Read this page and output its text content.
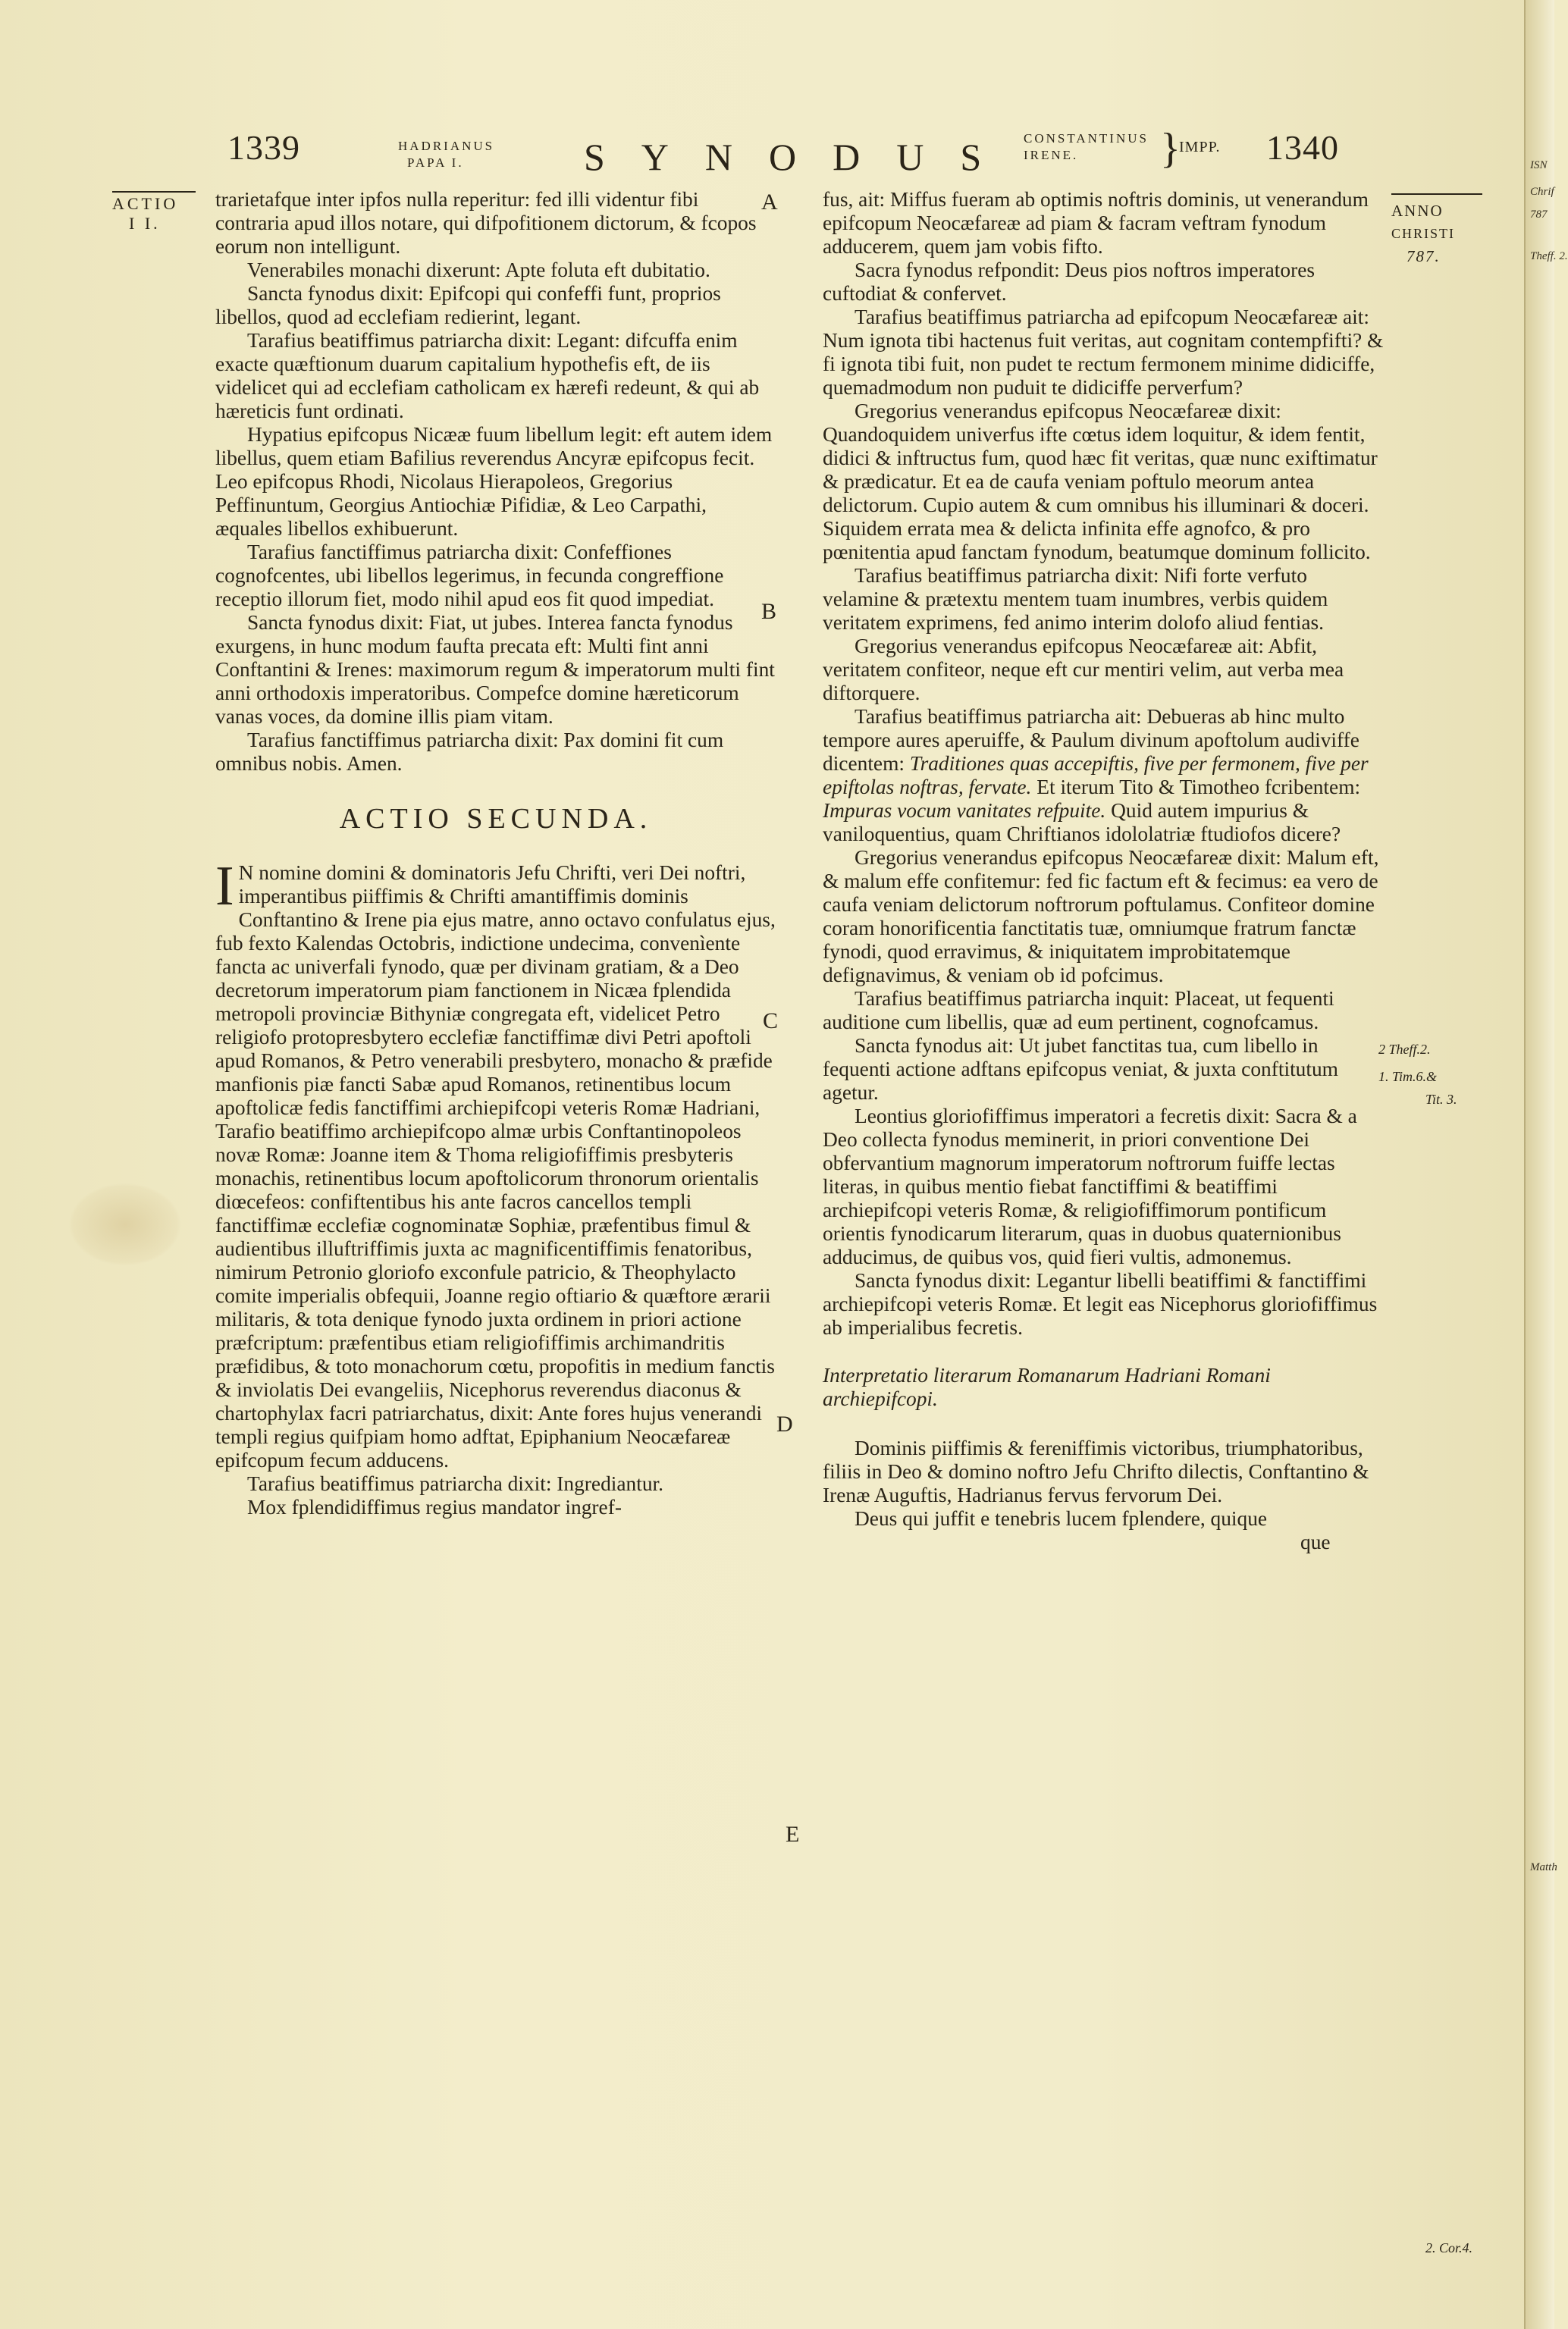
ISN
Chrif
787
Theff. 2.
Matth
1339	HADRIANUS
PAPA I.	SYNODUS CONSTANTINUS
IRENE.	}
IMPP. 1340
ACTIO
I I.
A
B
C
D
E
ANNO
CHRISTI
787.
2 Theff.2.
1. Tim.6.&
Tit. 3.
2. Cor.4.

trarietafque inter ipfos nulla reperitur: fed illi videntur fibi contraria apud illos notare, qui difpofitionem dictorum, & fcopos eorum non intelligunt.

Venerabiles monachi dixerunt: Apte foluta eft dubitatio.

Sancta fynodus dixit: Epifcopi qui confeffi funt, proprios libellos, quod ad ecclefiam redierint, legant.

Tarafius beatiffimus patriarcha dixit: Legant: difcuffa enim exacte quæftionum duarum capitalium hypothefis eft, de iis videlicet qui ad ecclefiam catholicam ex hærefi redeunt, & qui ab hæreticis funt ordinati.

Hypatius epifcopus Nicææ fuum libellum legit: eft autem idem libellus, quem etiam Bafilius reverendus Ancyræ epifcopus fecit. Leo epifcopus Rhodi, Nicolaus Hierapoleos, Gregorius Peffinuntum, Georgius Antiochiæ Pifidiæ, & Leo Carpathi, æquales libellos exhibuerunt.

Tarafius fanctiffimus patriarcha dixit: Confeffiones cognofcentes, ubi libellos legerimus, in fecunda congreffione receptio illorum fiet, modo nihil apud eos fit quod impediat.

Sancta fynodus dixit: Fiat, ut jubes. Interea fancta fynodus exurgens, in hunc modum faufta precata eft: Multi fint anni Conftantini & Irenes: maximorum regum & imperatorum multi fint anni orthodoxis imperatoribus. Compefce domine hæreticorum vanas voces, da domine illis piam vitam.

Tarafius fanctiffimus patriarcha dixit: Pax domini fit cum omnibus nobis. Amen.

ACTIO SECUNDA.

I N nomine domini & dominatoris Jefu Chrifti, veri Dei noftri, imperantibus piiffimis & Chrifti amantiffimis dominis Conftantino & Irene pia ejus matre, anno octavo confulatus ejus, fub fexto Kalendas Octobris, indictione undecima, convenìente fancta ac univerfali fynodo, quæ per divinam gratiam, & a Deo decretorum imperatorum piam fanctionem in Nicæa fplendida metropoli provinciæ Bithyniæ congregata eft, videlicet Petro religiofo protopresbytero ecclefiæ fanctiffimæ divi Petri apoftoli apud Romanos, & Petro venerabili presbytero, monacho & præfide manfionis piæ fancti Sabæ apud Romanos, retinentibus locum apoftolicæ fedis fanctiffimi archiepifcopi veteris Romæ Hadriani, Tarafio beatiffimo archiepifcopo almæ urbis Conftantinopoleos novæ Romæ: Joanne item & Thoma religiofiffimis presbyteris monachis, retinentibus locum apoftolicorum thronorum orientalis diœcefeos: confiftentibus his ante facros cancellos templi fanctiffimæ ecclefiæ cognominatæ Sophiæ, præfentibus fimul & audientibus illuftriffimis juxta ac magnificentiffimis fenatoribus, nimirum Petronio gloriofo exconfule patricio, & Theophylacto comite imperialis obfequii, Joanne regio oftiario & quæftore ærarii militaris, & tota denique fynodo juxta ordinem in priori actione præfcriptum: præfentibus etiam religiofiffimis archimandritis præfidibus, & toto monachorum cœtu, propofitis in medium fanctis & inviolatis Dei evangeliis, Nicephorus reverendus diaconus & chartophylax facri patriarchatus, dixit: Ante fores hujus venerandi templi regius quifpiam homo adftat, Epiphanium Neocæfareæ epifcopum fecum adducens.

Tarafius beatiffimus patriarcha dixit: Ingrediantur.

Mox fplendidiffimus regius mandator ingref-

fus, ait: Miffus fueram ab optimis noftris dominis, ut venerandum epifcopum Neocæfareæ ad piam & facram veftram fynodum adducerem, quem jam vobis fifto.

Sacra fynodus refpondit: Deus pios noftros imperatores cuftodiat & confervet.

Tarafius beatiffimus patriarcha ad epifcopum Neocæfareæ ait: Num ignota tibi hactenus fuit veritas, aut cognitam contempfifti? & fi ignota tibi fuit, non pudet te rectum fermonem minime didiciffe, quemadmodum non puduit te didiciffe perverfum?

Gregorius venerandus epifcopus Neocæfareæ dixit: Quandoquidem univerfus ifte cœtus idem loquitur, & idem fentit, didici & inftructus fum, quod hæc fit veritas, quæ nunc exiftimatur & prædicatur. Et ea de caufa veniam poftulo meorum antea delictorum. Cupio autem & cum omnibus his illuminari & doceri. Siquidem errata mea & delicta infinita effe agnofco, & pro pœnitentia apud fanctam fynodum, beatumque dominum follicito.

Tarafius beatiffimus patriarcha dixit: Nifi forte verfuto velamine & prætextu mentem tuam inumbres, verbis quidem veritatem exprimens, fed animo interim dolofo aliud fentias.

Gregorius venerandus epifcopus Neocæfareæ ait: Abfit, veritatem confiteor, neque eft cur mentiri velim, aut verba mea diftorquere.

Tarafius beatiffimus patriarcha ait: Debueras ab hinc multo tempore aures aperuiffe, & Paulum divinum apoftolum audiviffe dicentem: Traditiones quas accepiftis, five per fermonem, five per epiftolas noftras, fervate. Et iterum Tito & Timotheo fcribentem: Impuras vocum vanitates refpuite. Quid autem impurius & vaniloquentius, quam Chriftianos idololatriæ ftudiofos dicere?

Gregorius venerandus epifcopus Neocæfareæ dixit: Malum eft, & malum effe confitemur: fed fic factum eft & fecimus: ea vero de caufa veniam delictorum noftrorum poftulamus. Confiteor domine coram honorificentia fanctitatis tuæ, omniumque fratrum fanctæ fynodi, quod erravimus, & iniquitatem improbitatemque defignavimus, & veniam ob id pofcimus.

Tarafius beatiffimus patriarcha inquit: Placeat, ut fequenti auditione cum libellis, quæ ad eum pertinent, cognofcamus.

Sancta fynodus ait: Ut jubet fanctitas tua, cum libello in fequenti actione adftans epifcopus veniat, & juxta conftitutum agetur.

Leontius gloriofiffimus imperatori a fecretis dixit: Sacra & a Deo collecta fynodus meminerit, in priori conventione Dei obfervantium magnorum imperatorum noftrorum fuiffe lectas literas, in quibus mentio fiebat fanctiffimi & beatiffimi archiepifcopi veteris Romæ, & religiofiffimorum pontificum orientis fynodicarum literarum, quas in duobus quaternionibus adducimus, de quibus vos, quid fieri vultis, admonemus.

Sancta fynodus dixit: Legantur libelli beatiffimi & fanctiffimi archiepifcopi veteris Romæ. Et legit eas Nicephorus gloriofiffimus ab imperialibus fecretis.

Interpretatio literarum Romanarum Hadriani Romani archiepifcopi.

Dominis piiffimis & fereniffimis victoribus, triumphatoribus, filiis in Deo & domino noftro Jefu Chrifto dilectis, Conftantino & Irenæ Auguftis, Hadrianus fervus fervorum Dei.

Deus qui juffit e tenebris lucem fplendere, quique

que
